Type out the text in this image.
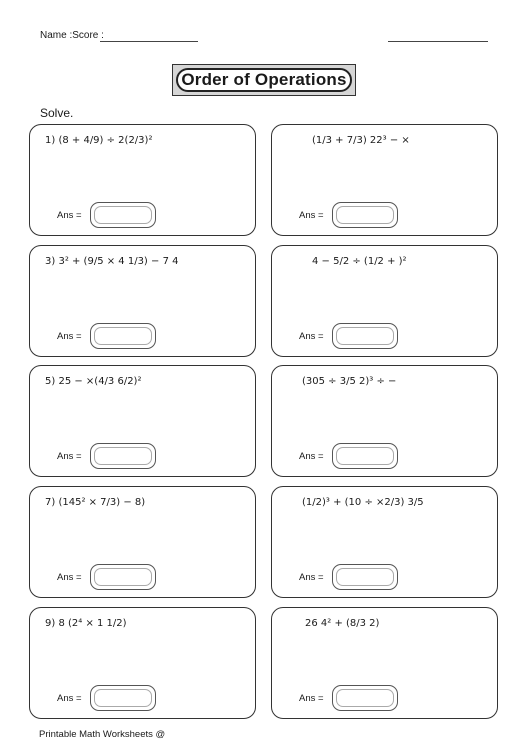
Name :Score :
Order of Operations
Solve.
1) (8 + 4/9) ÷ 2(2/3)²
Ans =
(1/3 + 7/3) 22³ − ×
Ans =
3) 3² + (9/5 × 4 1/3) − 7 4
Ans =
4 − 5/2 ÷ (1/2 + )²
Ans =
5) 25 − ×(4/3 6/2)²
Ans =
(305 ÷ 3/5 2)³ ÷ −
Ans =
7) (145² × 7/3) − 8)
Ans =
(1/2)³ + (10 ÷ ×2/3) 3/5
Ans =
9) 8 (2⁴ × 1 1/2)
Ans =
26 4² + (8/3 2)
Ans =
Printable Math Worksheets @
